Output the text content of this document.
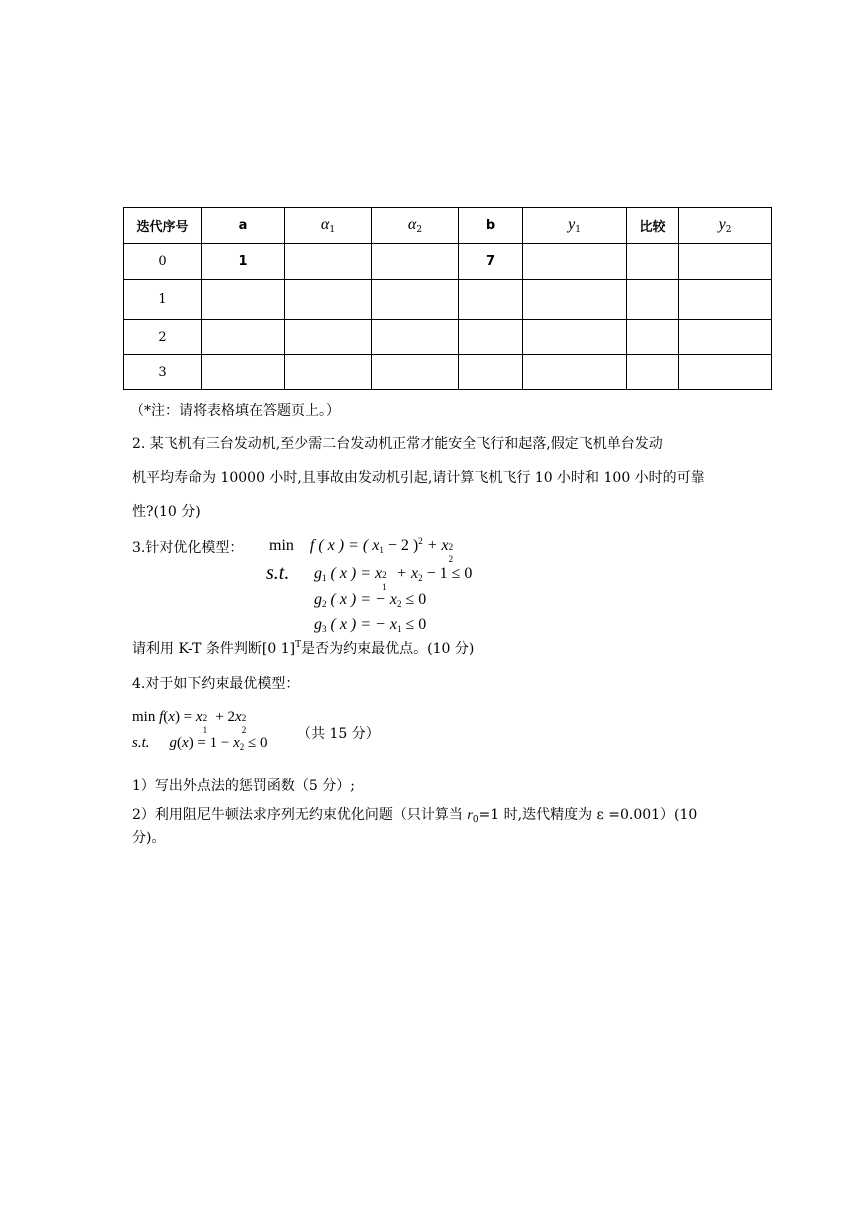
迭代序号	a	$\alpha_1$	$\alpha_2$	b	$y_1$	比较	$y_2$
0	1			7			
1							
2							
3							
（*注：请将表格填在答题页上。）
2. 某飞机有三台发动机,至少需二台发动机正常才能安全飞行和起落,假定飞机单台发动
机平均寿命为 10000 小时,且事故由发动机引起,请计算飞机飞行 10 小时和 100 小时的可靠
性?(10 分)
3.针对优化模型： min f ( x ) = ( $x_1 - 2$ )$^2$ + x 2
2
s.t. $g_1$ ( x ) = x 2
1
+ $x_2 - 1 \le 0$
$g_2$ ( x ) = − $x_2 \le 0$
$g_3$ ( x ) = − $x_1 \le 0$
请利用 K-T 条件判断[0 1]$^T$是否为约束最优点。(10 分)
4.对于如下约束最优模型：
min f(x) = x 2
1
+ 2x 2
2
s.t. $g(x) = 1 - x_2 \le 0$
（共 15 分）
1）写出外点法的惩罚函数（5 分）;
2）利用阻尼牛顿法求序列无约束优化问题（只计算当 $r_0=1$ 时,迭代精度为 ε =0.001）(10
分)。
